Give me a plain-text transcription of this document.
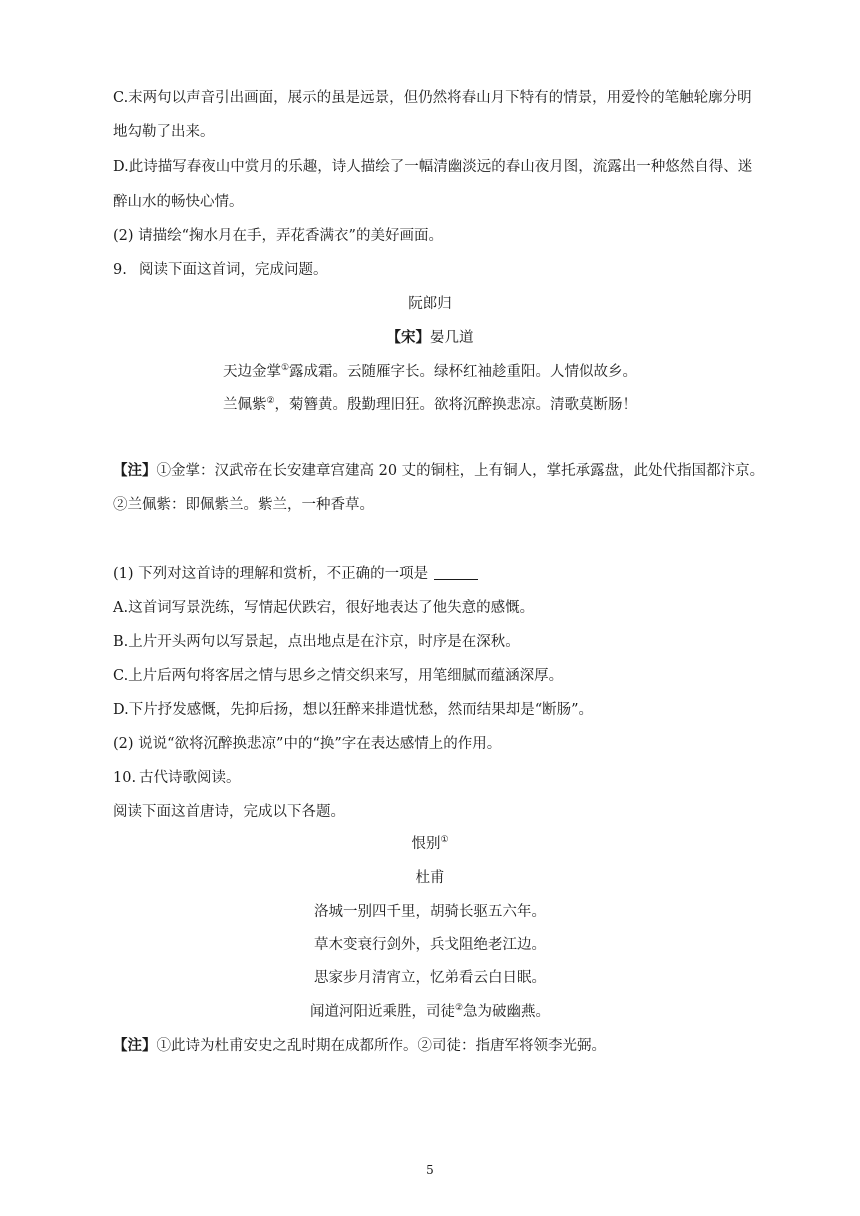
C.末两句以声音引出画面，展示的虽是远景，但仍然将春山月下特有的情景，用爱怜的笔触轮廓分明
地勾勒了出来。
D.此诗描写春夜山中赏月的乐趣，诗人描绘了一幅清幽淡远的春山夜月图，流露出一种悠然自得、迷
醉山水的畅快心情。
(2) 请描绘“掬水月在手，弄花香满衣”的美好画面。
9. 阅读下面这首词，完成问题。
阮郎归
【宋】晏几道
天边金掌①露成霜。云随雁字长。绿杯红袖趁重阳。人情似故乡。
兰佩紫②，菊簪黄。殷勤理旧狂。欲将沉醉换悲凉。清歌莫断肠！
【注】①金掌：汉武帝在长安建章宫建高 20 丈的铜柱，上有铜人，掌托承露盘，此处代指国都汴京。
②兰佩紫：即佩紫兰。紫兰，一种香草。
(1) 下列对这首诗的理解和赏析，不正确的一项是
A.这首词写景洗练，写情起伏跌宕，很好地表达了他失意的感慨。
B.上片开头两句以写景起，点出地点是在汴京，时序是在深秋。
C.上片后两句将客居之情与思乡之情交织来写，用笔细腻而蕴涵深厚。
D.下片抒发感慨，先抑后扬，想以狂醉来排遣忧愁，然而结果却是“断肠”。
(2) 说说“欲将沉醉换悲凉”中的“换”字在表达感情上的作用。
10. 古代诗歌阅读。
阅读下面这首唐诗，完成以下各题。
恨别①
杜甫
洛城一别四千里，胡骑长驱五六年。
草木变衰行剑外，兵戈阻绝老江边。
思家步月清宵立，忆弟看云白日眠。
闻道河阳近乘胜，司徒②急为破幽燕。
【注】①此诗为杜甫安史之乱时期在成都所作。②司徒：指唐军将领李光弼。
5
